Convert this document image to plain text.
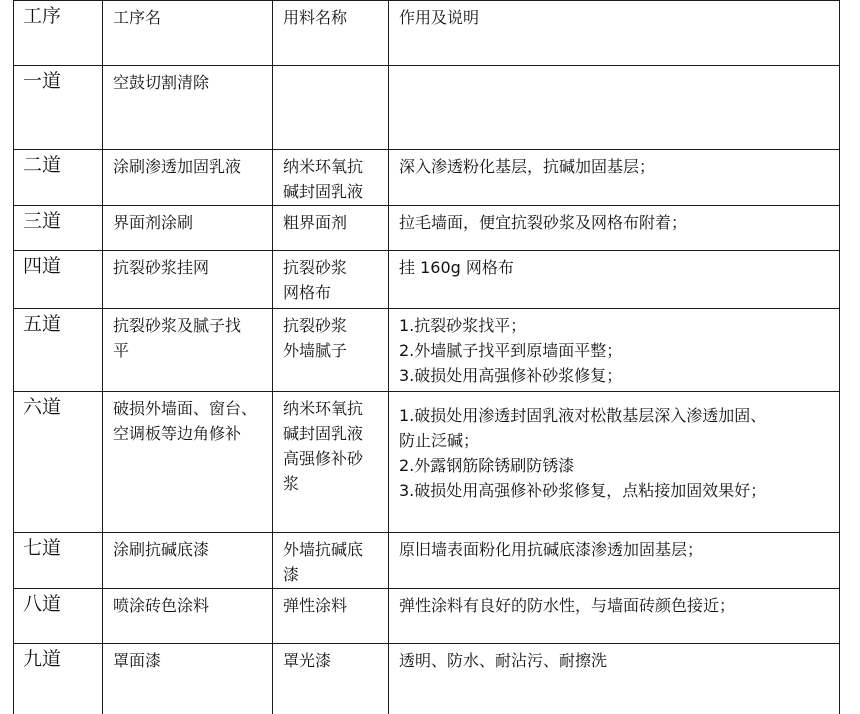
工序	工序名	用料名称	作用及说明
一道	空鼓切割清除		

二道	涂刷渗透加固乳液	纳米环氧抗
碱封固乳液	深入渗透粉化基层，抗碱加固基层；

三道	界面剂涂刷	粗界面剂	拉毛墙面，便宜抗裂砂浆及网格布附着；

四道	抗裂砂浆挂网	抗裂砂浆
网格布	挂 160g 网格布

五道	抗裂砂浆及腻子找
平	抗裂砂浆
外墙腻子	1.抗裂砂浆找平；
2.外墙腻子找平到原墙面平整；
3.破损处用高强修补砂浆修复；

六道	破损外墙面、窗台、
空调板等边角修补	纳米环氧抗
碱封固乳液
高强修补砂
浆	1.破损处用渗透封固乳液对松散基层深入渗透加固、
防止泛碱；
2.外露钢筋除锈刷防锈漆
3.破损处用高强修补砂浆修复，点粘接加固效果好；

七道	涂刷抗碱底漆	外墙抗碱底
漆	原旧墙表面粉化用抗碱底漆渗透加固基层；

八道	喷涂砖色涂料	弹性涂料	弹性涂料有良好的防水性，与墙面砖颜色接近；

九道	罩面漆	罩光漆	透明、防水、耐沾污、耐擦洗
